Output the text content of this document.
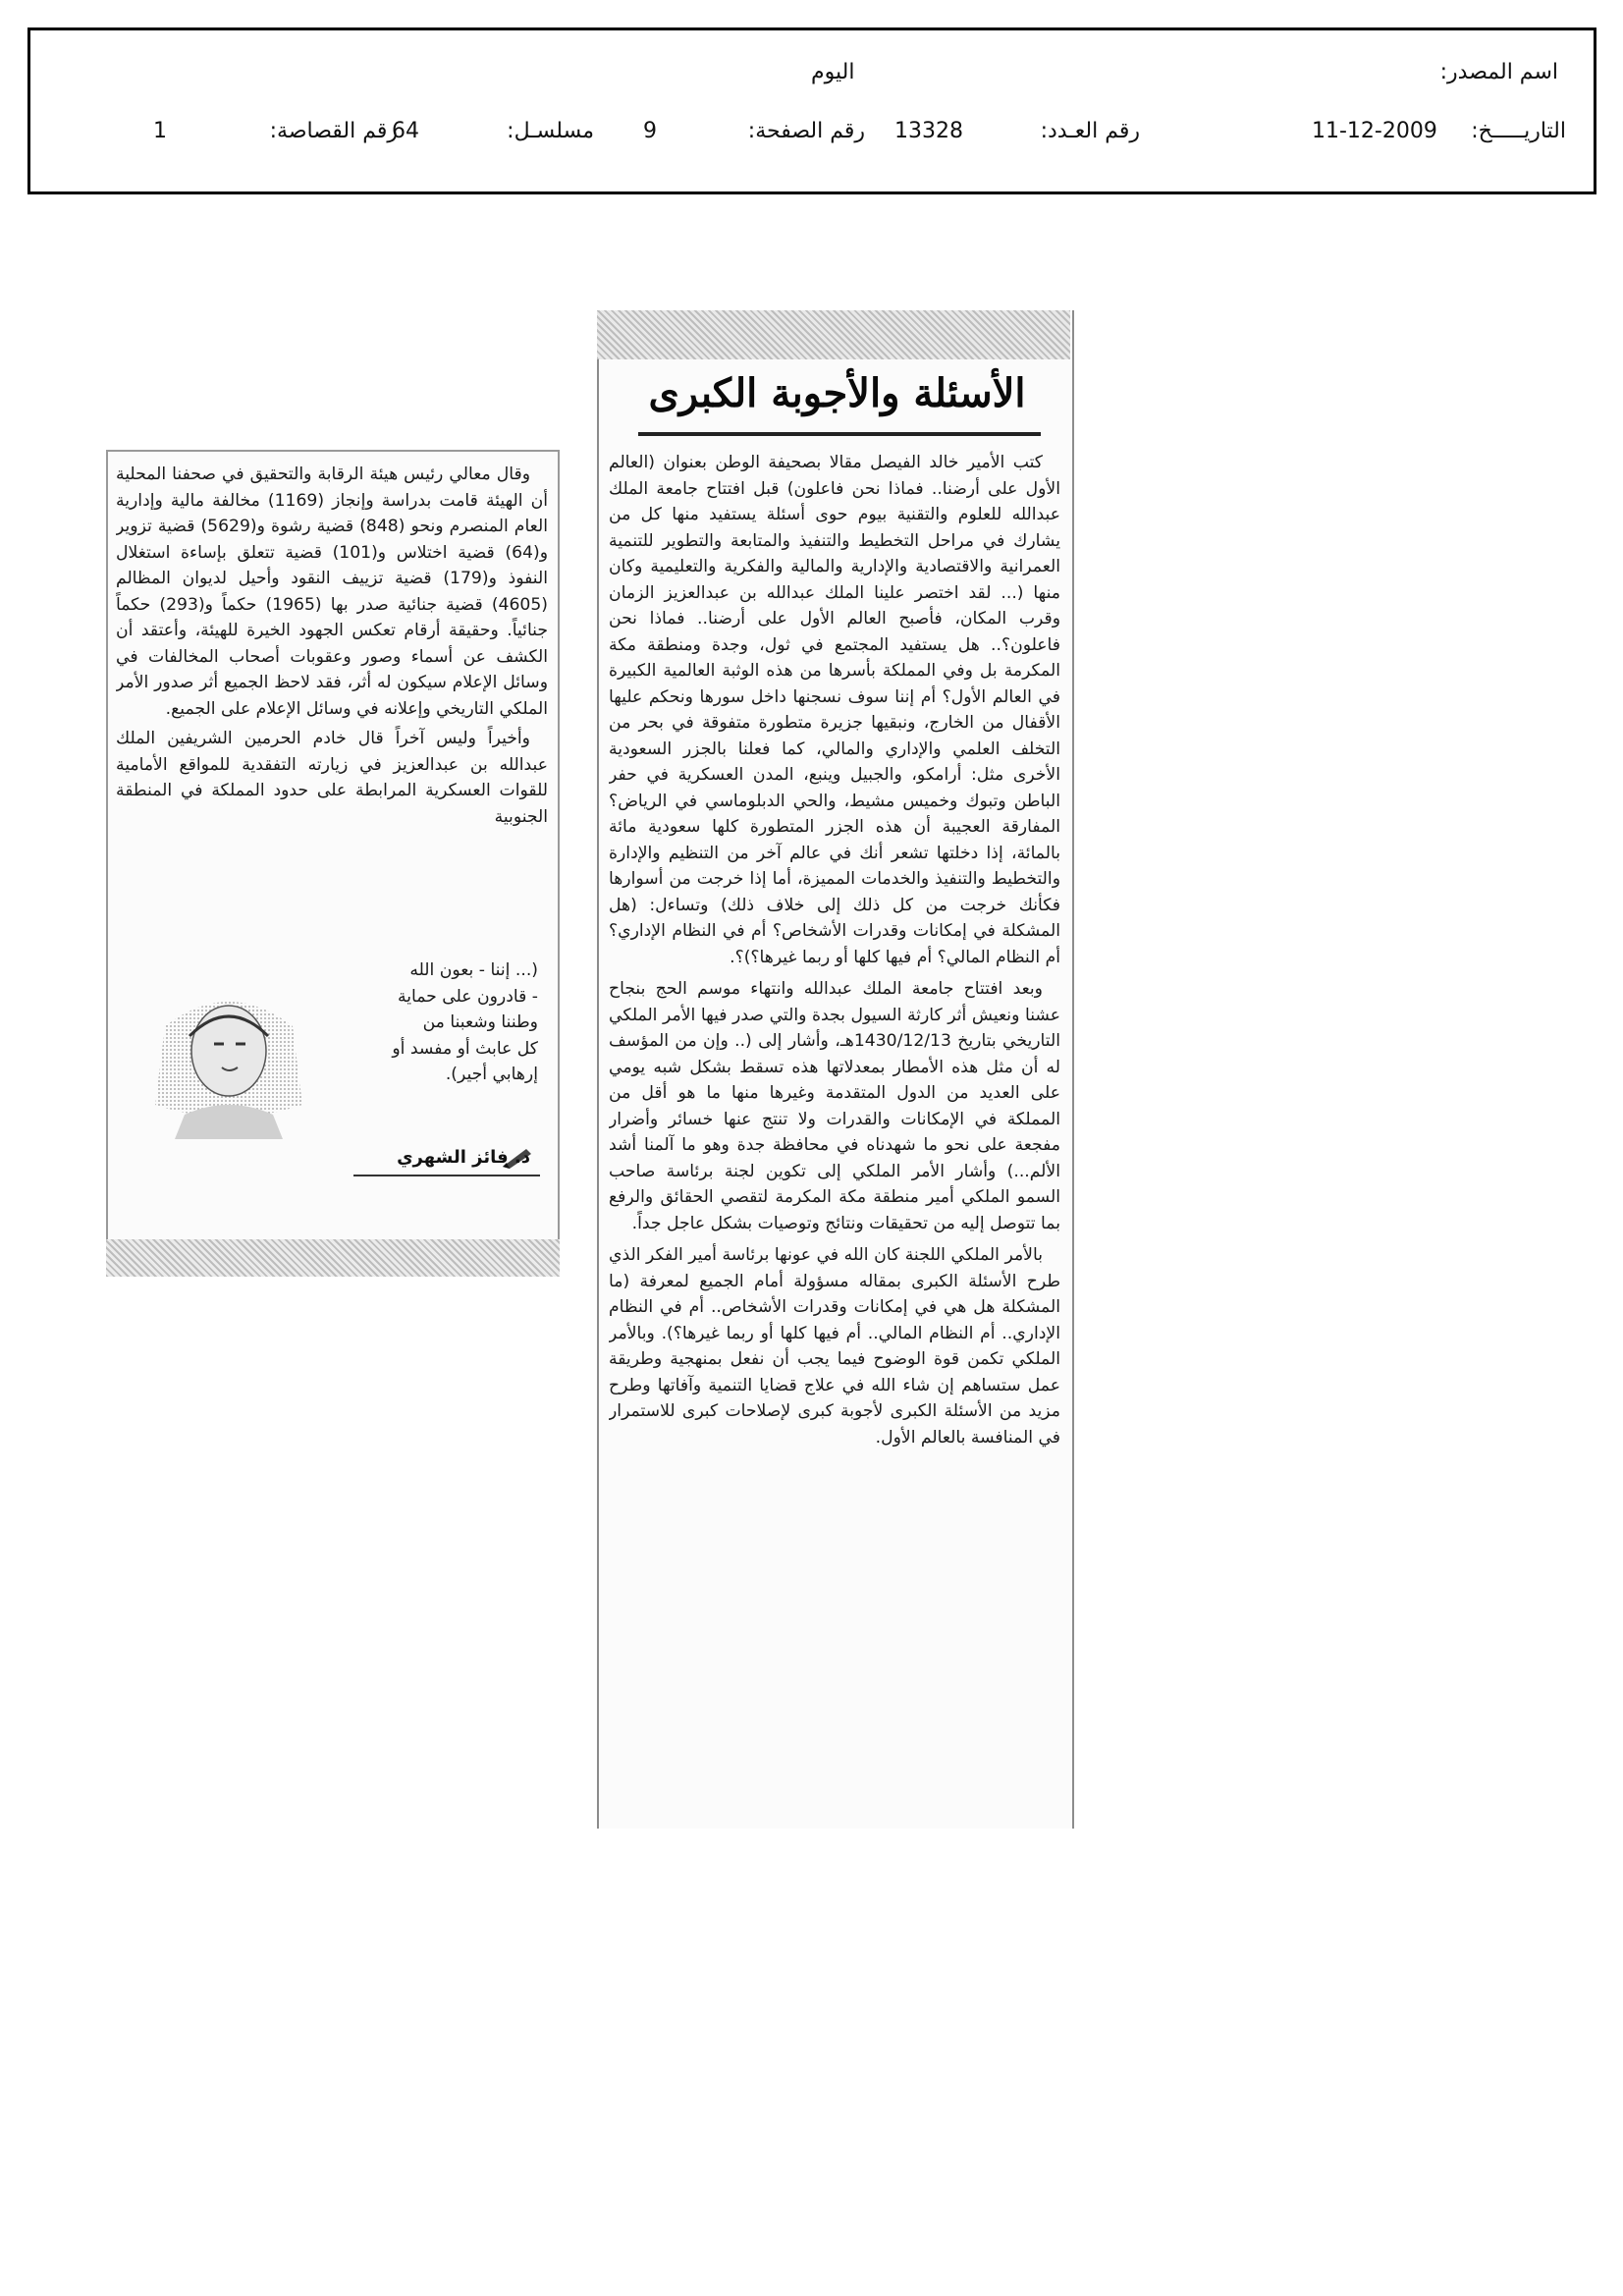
اسم المصدر:
اليوم
التاريـــــخ:
11-12-2009
رقم العـدد:
13328
رقم الصفحة:
9
مسلسـل:
64
رقم القصاصة:
1
الأسئلة والأجوبة الكبرى

كتب الأمير خالد الفيصل مقالا بصحيفة الوطن بعنوان (العالم الأول على أرضنا.. فماذا نحن فاعلون) قبل افتتاح جامعة الملك عبدالله للعلوم والتقنية بيوم حوى أسئلة يستفيد منها كل من يشارك في مراحل التخطيط والتنفيذ والمتابعة والتطوير للتنمية العمرانية والاقتصادية والإدارية والمالية والفكرية والتعليمية وكان منها (... لقد اختصر علينا الملك عبدالله بن عبدالعزيز الزمان وقرب المكان، فأصبح العالم الأول على أرضنا.. فماذا نحن فاعلون؟.. هل يستفيد المجتمع في ثول، وجدة ومنطقة مكة المكرمة بل وفي المملكة بأسرها من هذه الوثبة العالمية الكبيرة في العالم الأول؟ أم إننا سوف نسجنها داخل سورها ونحكم عليها الأقفال من الخارج، ونبقيها جزيرة متطورة متفوقة في بحر من التخلف العلمي والإداري والمالي، كما فعلنا بالجزر السعودية الأخرى مثل: أرامكو، والجبيل وينبع، المدن العسكرية في حفر الباطن وتبوك وخميس مشيط، والحي الدبلوماسي في الرياض؟ المفارقة العجيبة أن هذه الجزر المتطورة كلها سعودية مائة بالمائة، إذا دخلتها تشعر أنك في عالم آخر من التنظيم والإدارة والتخطيط والتنفيذ والخدمات المميزة، أما إذا خرجت من أسوارها فكأنك خرجت من كل ذلك إلى خلاف ذلك) وتساءل: (هل المشكلة في إمكانات وقدرات الأشخاص؟ أم في النظام الإداري؟ أم النظام المالي؟ أم فيها كلها أو ربما غيرها؟)؟.

وبعد افتتاح جامعة الملك عبدالله وانتهاء موسم الحج بنجاح عشنا ونعيش أثر كارثة السيول بجدة والتي صدر فيها الأمر الملكي التاريخي بتاريخ 1430/12/13هـ، وأشار إلى (.. وإن من المؤسف له أن مثل هذه الأمطار بمعدلاتها هذه تسقط بشكل شبه يومي على العديد من الدول المتقدمة وغيرها منها ما هو أقل من المملكة في الإمكانات والقدرات ولا تنتج عنها خسائر وأضرار مفجعة على نحو ما شهدناه في محافظة جدة وهو ما آلمنا أشد الألم...) وأشار الأمر الملكي إلى تكوين لجنة برئاسة صاحب السمو الملكي أمير منطقة مكة المكرمة لتقصي الحقائق والرفع بما تتوصل إليه من تحقيقات ونتائج وتوصيات بشكل عاجل جداً.

بالأمر الملكي اللجنة كان الله في عونها برئاسة أمير الفكر الذي طرح الأسئلة الكبرى بمقاله مسؤولة أمام الجميع لمعرفة (ما المشكلة هل هي في إمكانات وقدرات الأشخاص.. أم في النظام الإداري.. أم النظام المالي.. أم فيها كلها أو ربما غيرها؟). وبالأمر الملكي تكمن قوة الوضوح فيما يجب أن نفعل بمنهجية وطريقة عمل ستساهم إن شاء الله في علاج قضايا التنمية وآفاتها وطرح مزيد من الأسئلة الكبرى لأجوبة كبرى لإصلاحات كبرى للاستمرار في المنافسة بالعالم الأول.

وقال معالي رئيس هيئة الرقابة والتحقيق في صحفنا المحلية أن الهيئة قامت بدراسة وإنجاز (1169) مخالفة مالية وإدارية العام المنصرم ونحو (848) قضية رشوة و(5629) قضية تزوير و(64) قضية اختلاس و(101) قضية تتعلق بإساءة استغلال النفوذ و(179) قضية تزييف النقود وأحيل لديوان المظالم (4605) قضية جنائية صدر بها (1965) حكماً و(293) حكماً جنائياً. وحقيقة أرقام تعكس الجهود الخيرة للهيئة، وأعتقد أن الكشف عن أسماء وصور وعقوبات أصحاب المخالفات في وسائل الإعلام سيكون له أثر، فقد لاحظ الجميع أثر صدور الأمر الملكي التاريخي وإعلانه في وسائل الإعلام على الجميع.

وأخيراً وليس آخراً قال خادم الحرمين الشريفين الملك عبدالله بن عبدالعزيز في زيارته التفقدية للمواقع الأمامية للقوات العسكرية المرابطة على حدود المملكة في المنطقة الجنوبية

(... إننا - بعون الله
- قادرون على حماية
وطننا وشعبنا من
كل عابث أو مفسد أو
إرهابي أجير).
د. فائز الشهري
